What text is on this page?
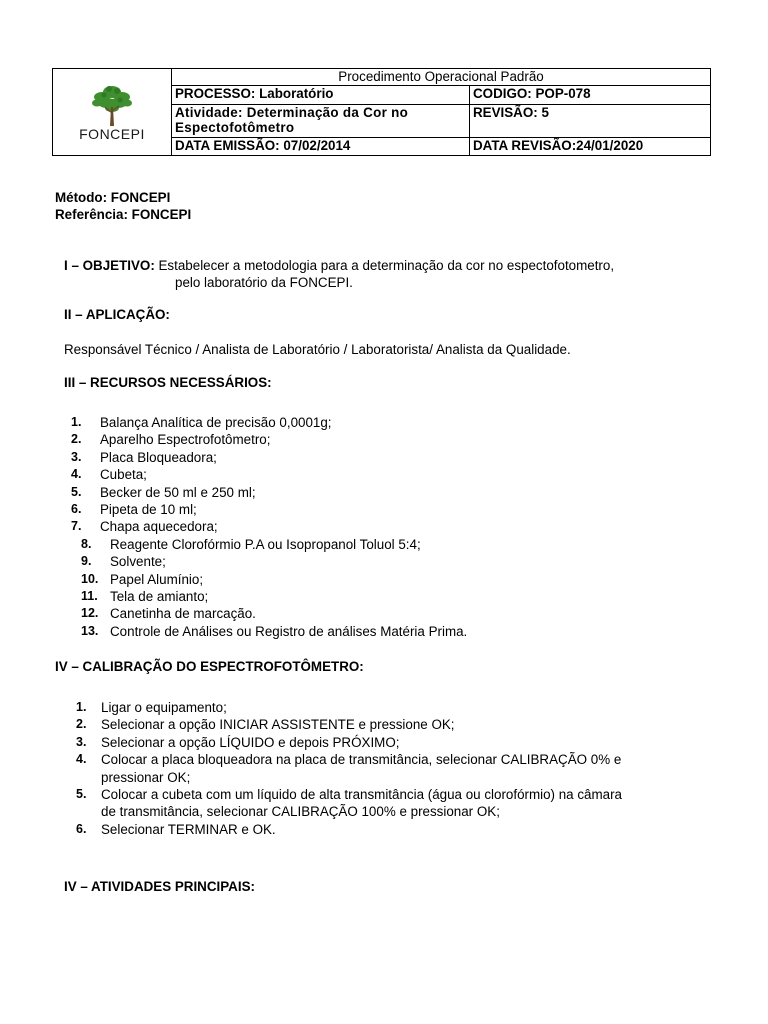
FONCEPI	Procedimento Operacional Padrão	
	PROCESSO: Laboratório	CODIGO: POP-078

	Atividade: Determinação da Cor no
Espectofotômetro	REVISÃO: 5
	DATA EMISSÃO: 07/02/2014	DATA REVISÃO:24/01/2020
Método: FONCEPI
Referência: FONCEPI
I – OBJETIVO: Estabelecer a metodologia para a determinação da cor no espectofotometro,
pelo laboratório da FONCEPI.
II – APLICAÇÃO:
Responsável Técnico / Analista de Laboratório / Laboratorista/ Analista da Qualidade.
III – RECURSOS NECESSÁRIOS:
1. Balança Analítica de precisão 0,0001g;
2. Aparelho Espectrofotômetro;
3. Placa Bloqueadora;
4. Cubeta;
5. Becker de 50 ml e 250 ml;
6. Pipeta de 10 ml;
7. Chapa aquecedora;
8. Reagente Clorofórmio P.A ou Isopropanol Toluol 5:4;
9. Solvente;
10. Papel Alumínio;
11. Tela de amianto;
12. Canetinha de marcação.
13. Controle de Análises ou Registro de análises Matéria Prima.
IV – CALIBRAÇÃO DO ESPECTROFOTÔMETRO:
1. Ligar o equipamento;
2. Selecionar a opção INICIAR ASSISTENTE e pressione OK;
3. Selecionar a opção LÍQUIDO e depois PRÓXIMO;
4. Colocar a placa bloqueadora na placa de transmitância, selecionar CALIBRAÇÃO 0% e
pressionar OK;
5. Colocar a cubeta com um líquido de alta transmitância (água ou clorofórmio) na câmara
de transmitância, selecionar CALIBRAÇÃO 100% e pressionar OK;
6. Selecionar TERMINAR e OK.
IV – ATIVIDADES PRINCIPAIS:
